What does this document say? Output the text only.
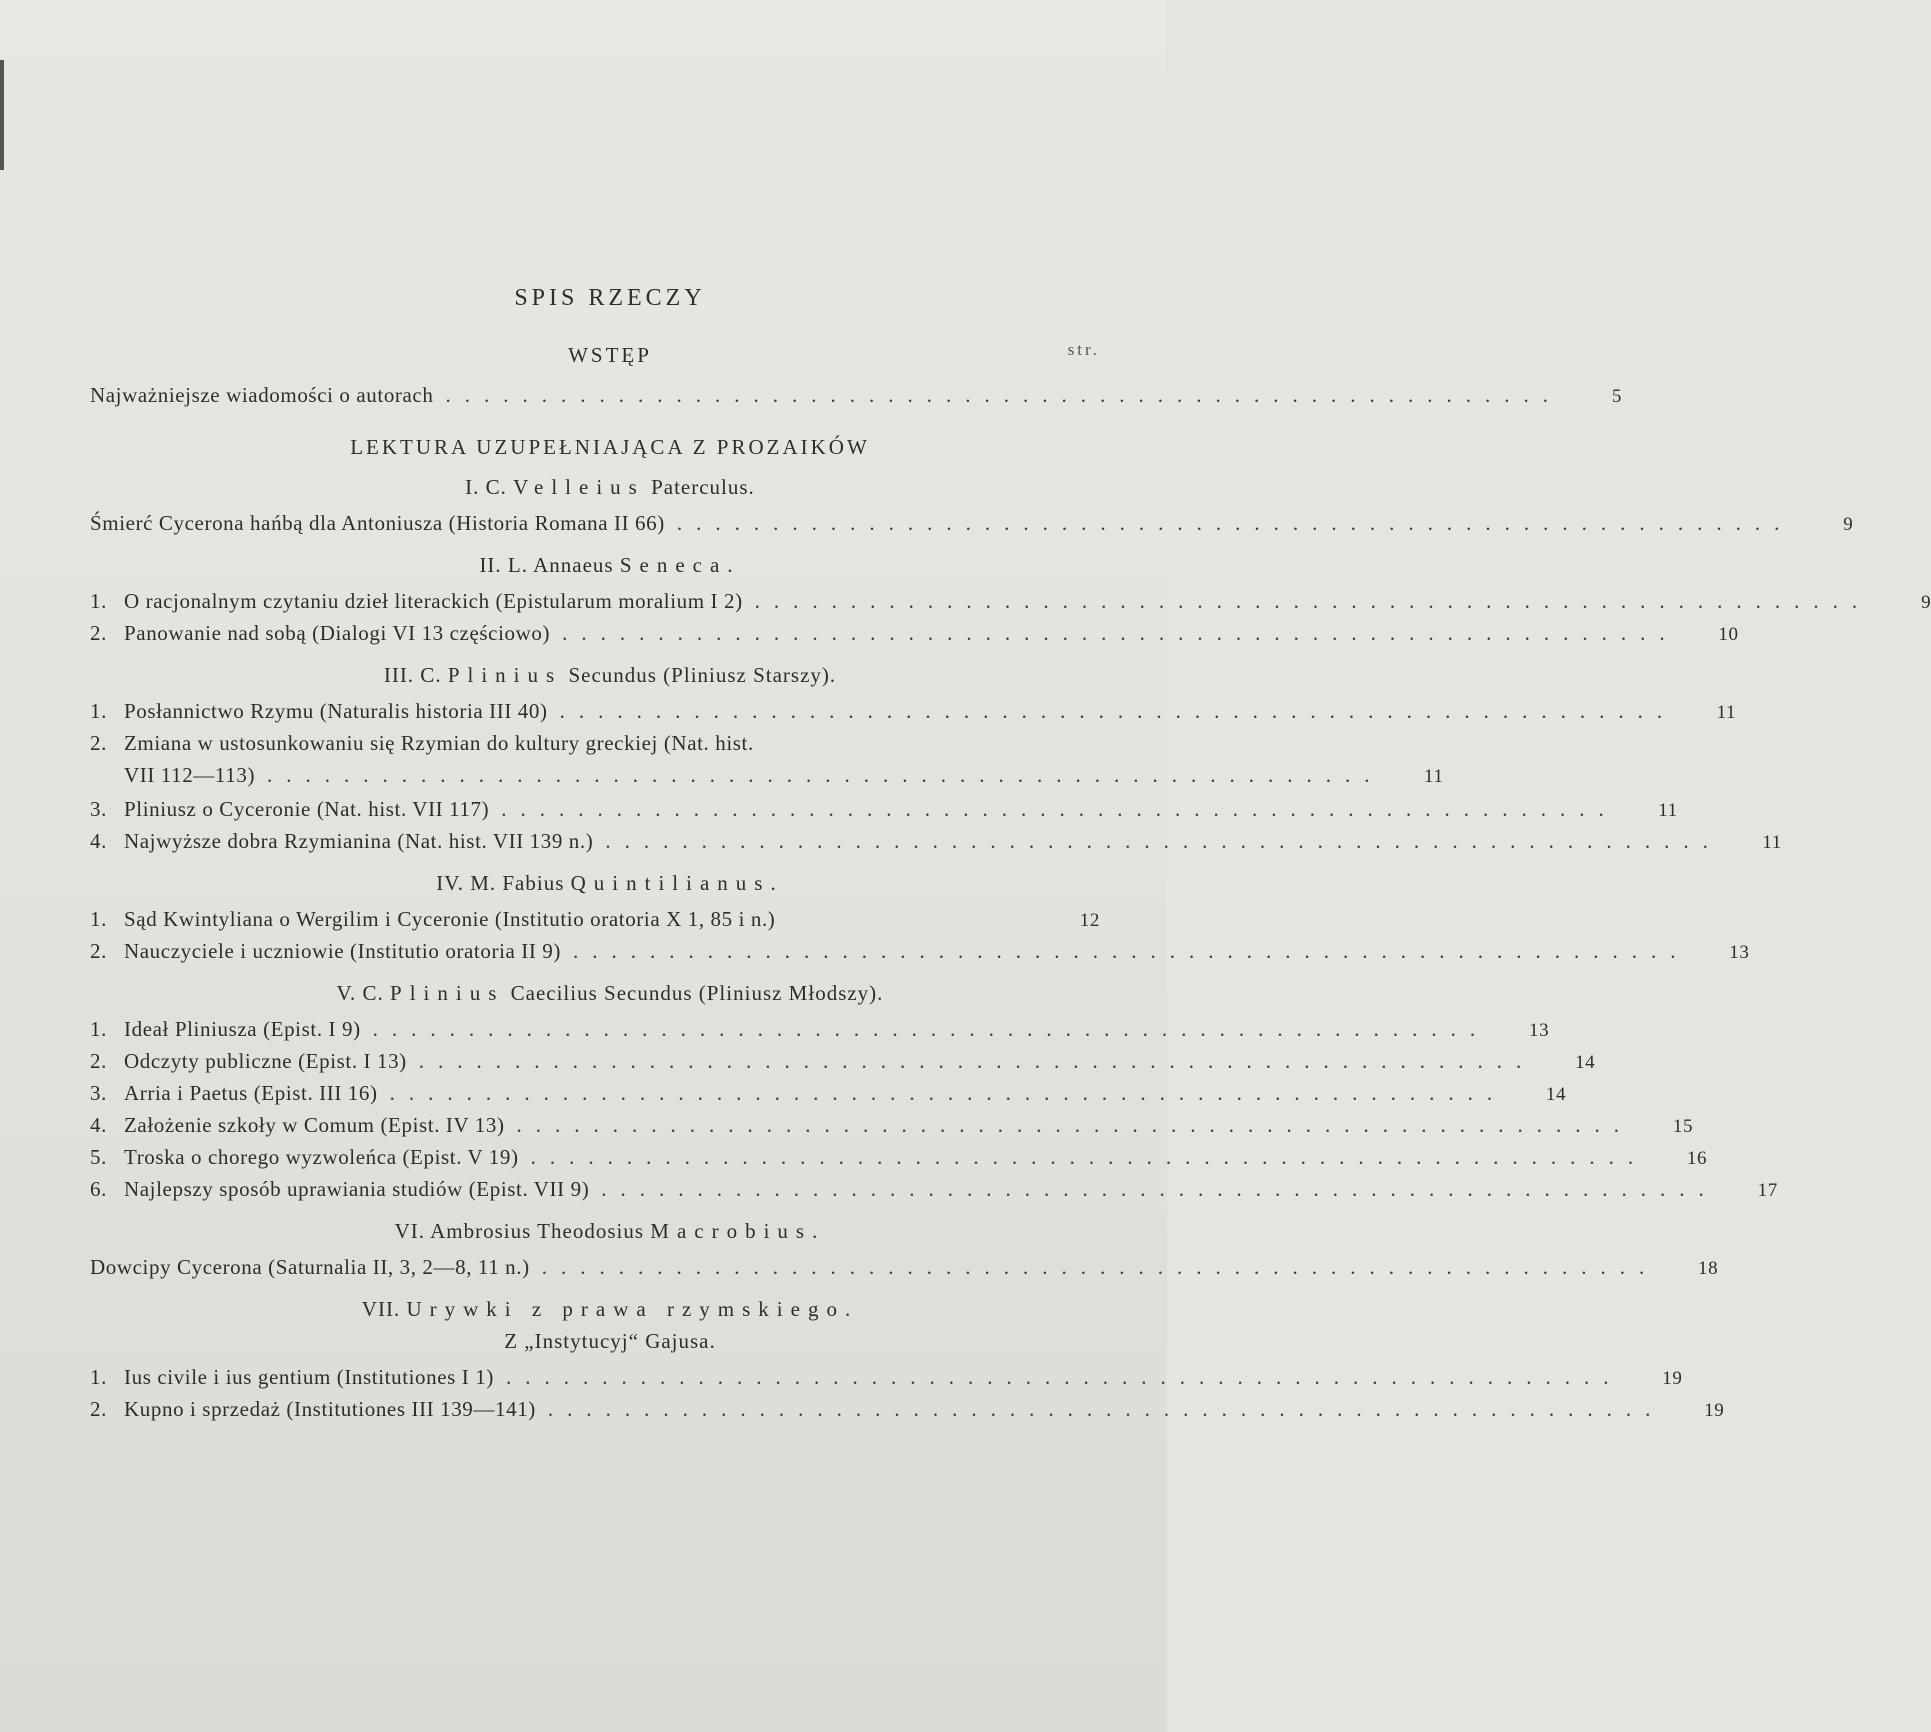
SPIS RZECZY
str.
WSTĘP
Najważniejsze wiadomości o autorach ..........................................................	5
LEKTURA UZUPEŁNIAJĄCA Z PROZAIKÓW
I. C. Velleius Paterculus.
Śmierć Cycerona hańbą dla Antoniusza (Historia Romana II 66) ..........................................................	9
II. L. Annaeus Seneca.
1. O racjonalnym czytaniu dzieł literackich (Epistularum moralium I 2) ..........................................................	9
2. Panowanie nad sobą (Dialogi VI 13 częściowo) ..........................................................	10
III. C. Plinius Secundus (Pliniusz Starszy).
1. Posłannictwo Rzymu (Naturalis historia III 40) ..........................................................	11
2. Zmiana w ustosunkowaniu się Rzymian do kultury greckiej (Nat. hist.
VII 112—113) ..........................................................	11
3. Pliniusz o Cyceronie (Nat. hist. VII 117) ..........................................................	11
4. Najwyższe dobra Rzymianina (Nat. hist. VII 139 n.) ..........................................................	11
IV. M. Fabius Quintilianus.
1. Sąd Kwintyliana o Wergilim i Cyceronie (Institutio oratoria X 1, 85 i n.)	12
2. Nauczyciele i uczniowie (Institutio oratoria II 9) ..........................................................	13
V. C. Plinius Caecilius Secundus (Pliniusz Młodszy).
1. Ideał Pliniusza (Epist. I 9) ..........................................................	13
2. Odczyty publiczne (Epist. I 13) ..........................................................	14
3. Arria i Paetus (Epist. III 16) ..........................................................	14
4. Założenie szkoły w Comum (Epist. IV 13) ..........................................................	15
5. Troska o chorego wyzwoleńca (Epist. V 19) ..........................................................	16
6. Najlepszy sposób uprawiania studiów (Epist. VII 9) ..........................................................	17
VI. Ambrosius Theodosius Macrobius.
Dowcipy Cycerona (Saturnalia II, 3, 2—8, 11 n.) ..........................................................	18
VII. Urywki z prawa rzymskiego.
Z „Instytucyj“ Gajusa.
1. Ius civile i ius gentium (Institutiones I 1) ..........................................................	19
2. Kupno i sprzedaż (Institutiones III 139—141) ..........................................................	19
